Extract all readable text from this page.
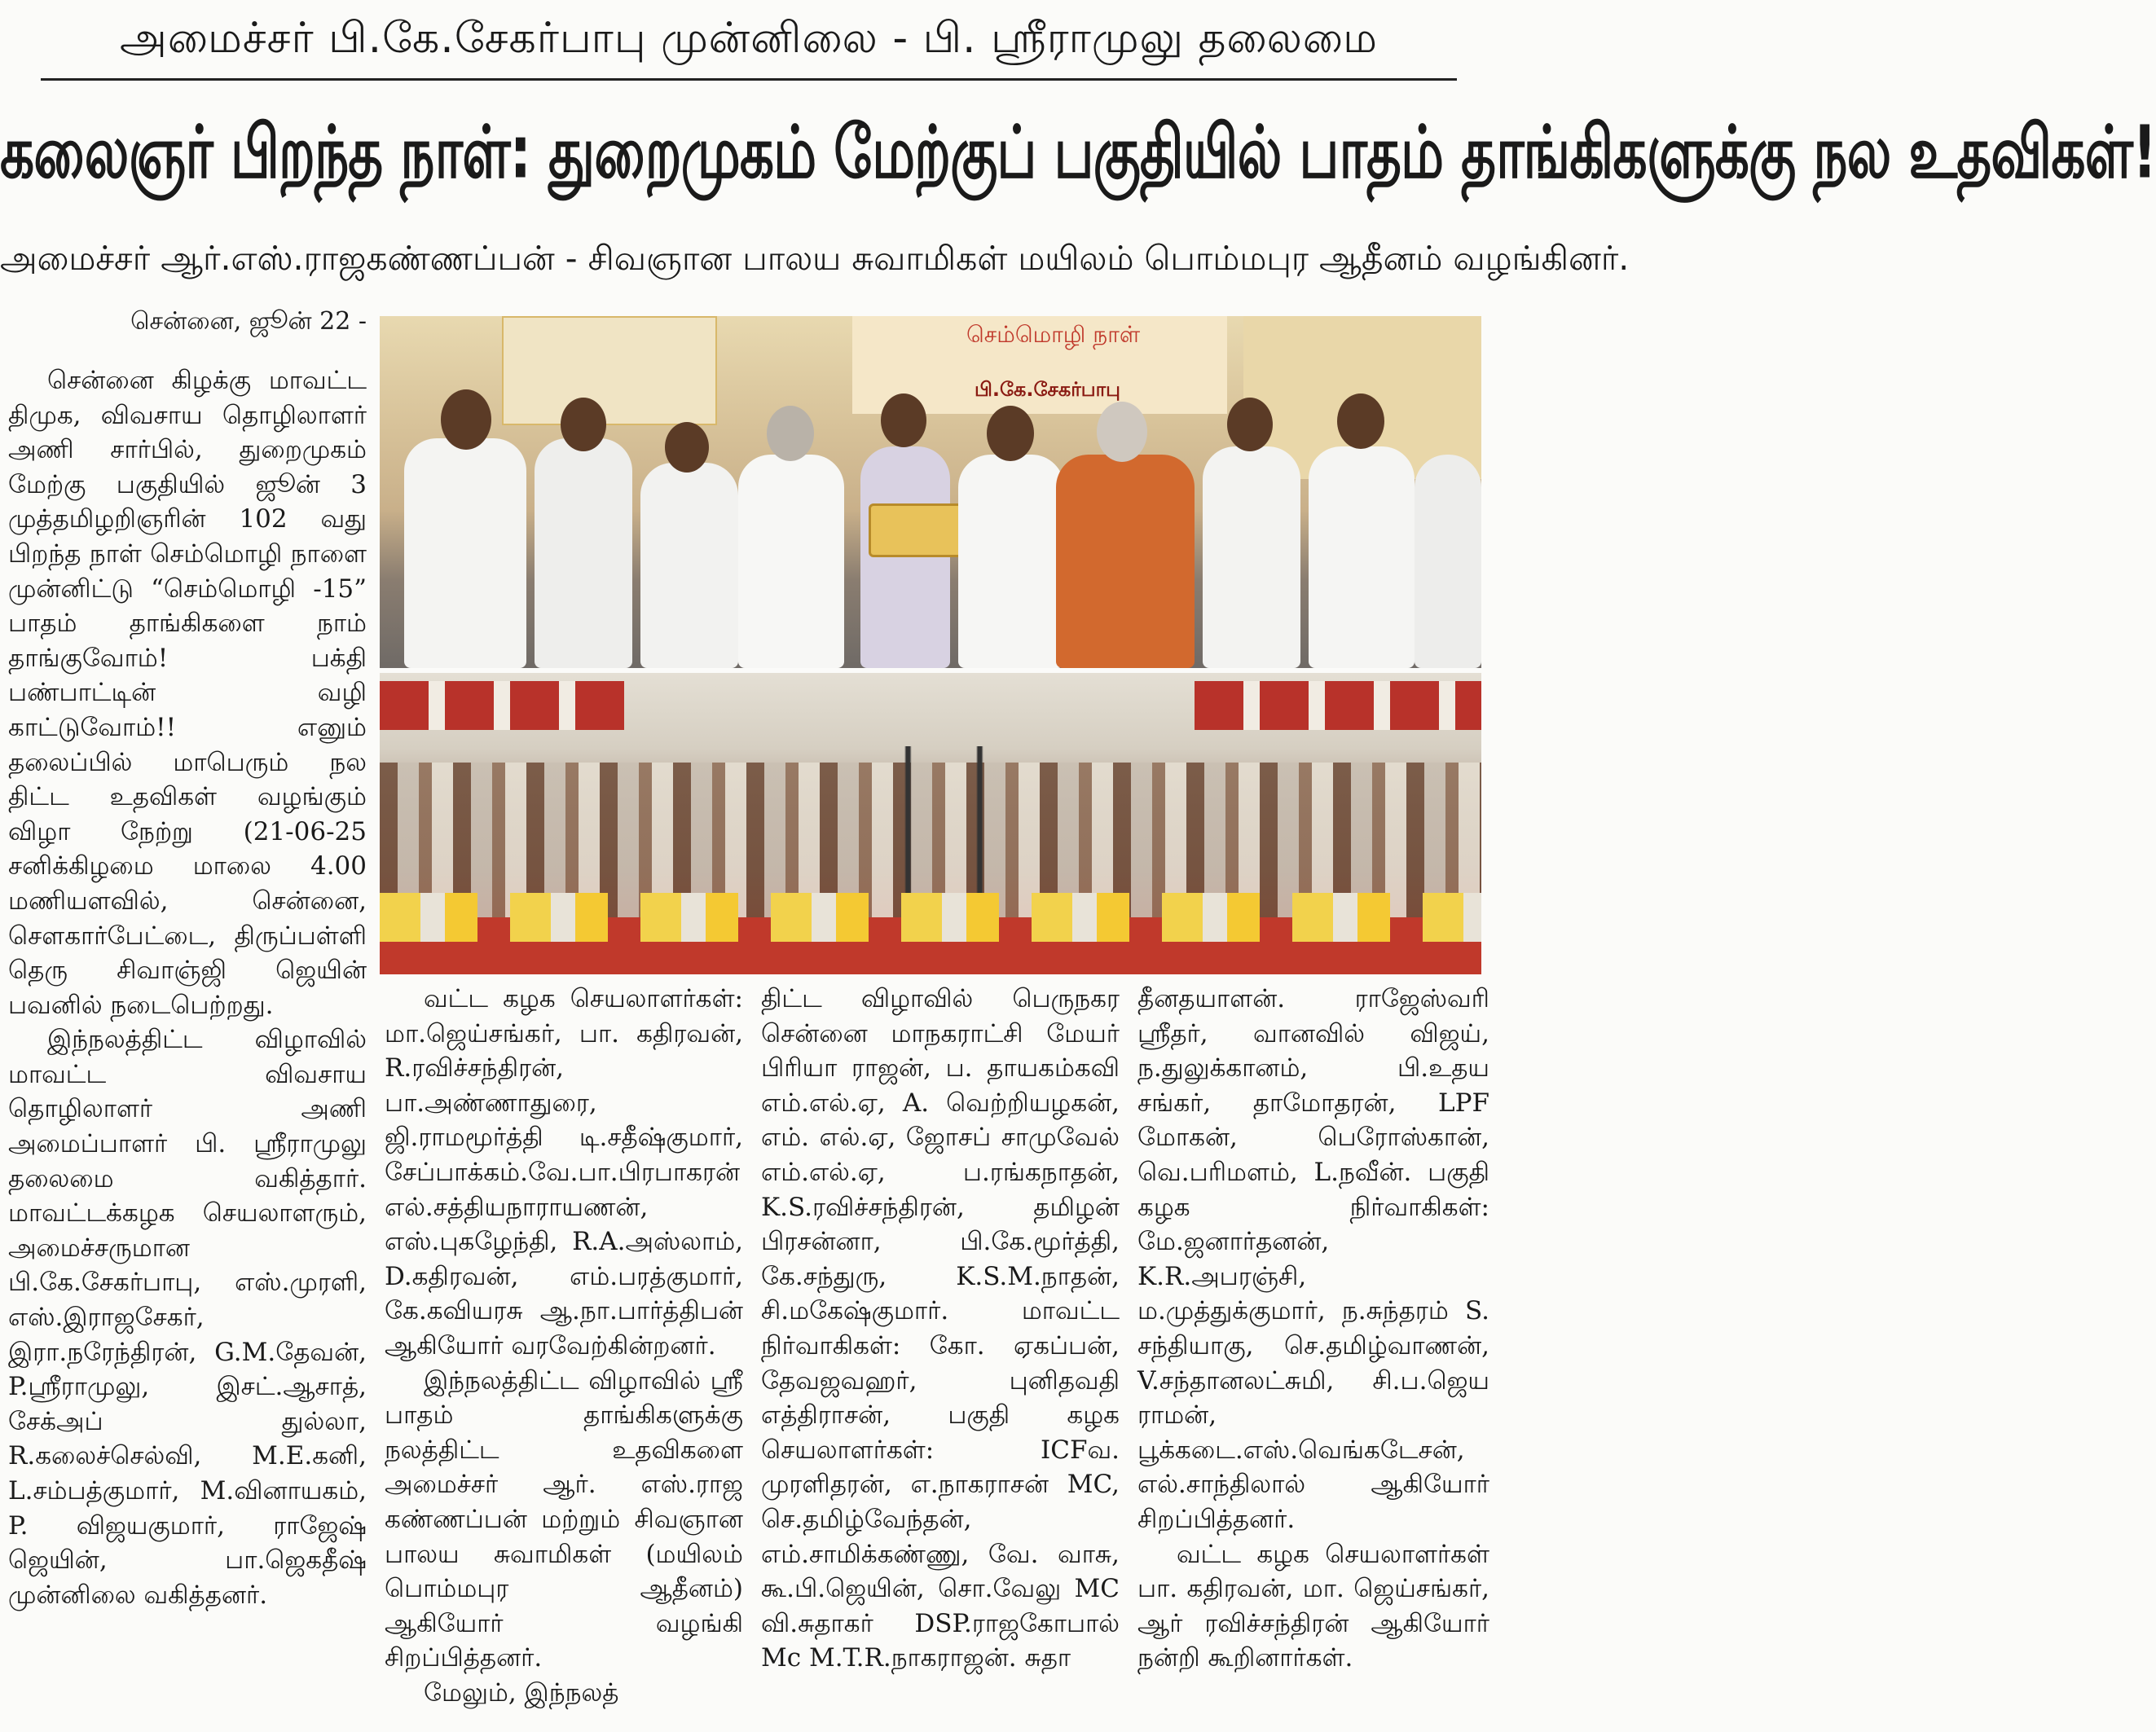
அமைச்சர் பி.கே.சேகர்பாபு முன்னிலை - பி. ஸ்ரீராமுலு தலைமை
கலைஞர் பிறந்த நாள்: துறைமுகம் மேற்குப் பகுதியில் பாதம் தாங்கிகளுக்கு நல உதவிகள்!
அமைச்சர் ஆர்.எஸ்.ராஜகண்ணப்பன் - சிவஞான பாலய சுவாமிகள் மயிலம் பொம்மபுர ஆதீனம் வழங்கினர்.
சென்னை, ஜூன் 22 -

சென்னை கிழக்கு மாவட்ட திமுக, விவசாய தொழிலாளர் அணி சார்பில், துறைமுகம் மேற்கு பகுதியில் ஜூன் 3 முத்தமிழறிஞரின் 102 வது பிறந்த நாள் செம்மொழி நாளை முன்னிட்டு “செம்மொழி -15” பாதம் தாங்கிகளை நாம் தாங்குவோம்! பக்தி பண்பாட்டின் வழி காட்டுவோம்!! எனும் தலைப்பில் மாபெரும் நல திட்ட உதவிகள் வழங்கும் விழா நேற்று (21-06-25 சனிக்கிழமை மாலை 4.00 மணியளவில், சென்னை, சௌகார்பேட்டை, திருப்பள்ளி தெரு சிவாஞ்ஜி ஜெயின் பவனில் நடைபெற்றது.

இந்நலத்திட்ட விழாவில் மாவட்ட விவசாய தொழிலாளர் அணி அமைப்பாளர் பி. ஸ்ரீராமுலு தலைமை வகித்தார். மாவட்டக்கழக செயலாளரும், அமைச்சருமான பி.கே.சேகர்பாபு, எஸ்.முரளி, எஸ்.இராஜசேகர், இரா.நரேந்திரன், G.M.தேவன், P.ஸ்ரீராமுலு, இசட்.ஆசாத், சேக்அப் துல்லா, R.கலைச்செல்வி, M.E.கனி, L.சம்பத்குமார், M.வினாயகம், P. விஜயகுமார், ராஜேஷ் ஜெயின், பா.ஜெகதீஷ் முன்னிலை வகித்தனர்.

செம்மொழி நாள்
பி.கே.சேகர்பாபு

வட்ட கழக செயலாளர்கள்: மா.ஜெய்சங்கர், பா. கதிரவன், R.ரவிச்சந்திரன், பா.அண்ணாதுரை, ஜி.ராமமூர்த்தி டி.சதீஷ்குமார், சேப்பாக்கம்.வே.பா.பிரபாகரன் எல்.சத்தியநாராயணன், எஸ்.புகழேந்தி, R.A.அஸ்லாம், D.கதிரவன், எம்.பரத்குமார், கே.கவியரசு ஆ.நா.பார்த்திபன் ஆகியோர் வரவேற்கின்றனர்.

இந்நலத்திட்ட விழாவில் ஸ்ரீ பாதம் தாங்கிகளுக்கு நலத்திட்ட உதவிகளை அமைச்சர் ஆர். எஸ்.ராஜ கண்ணப்பன் மற்றும் சிவஞான பாலய சுவாமிகள் (மயிலம் பொம்மபுர ஆதீனம்) ஆகியோர் வழங்கி சிறப்பித்தனர்.

மேலும், இந்நலத்

திட்ட விழாவில் பெருநகர சென்னை மாநகராட்சி மேயர் பிரியா ராஜன், ப. தாயகம்கவி எம்.எல்.ஏ, A. வெற்றியழகன், எம். எல்.ஏ, ஜோசப் சாமுவேல் எம்.எல்.ஏ, ப.ரங்கநாதன், K.S.ரவிச்சந்திரன், தமிழன் பிரசன்னா, பி.கே.மூர்த்தி, கே.சந்துரு, K.S.M.நாதன், சி.மகேஷ்குமார். மாவட்ட நிர்வாகிகள்: கோ. ஏகப்பன், தேவஜவஹர், புனிதவதி எத்திராசன், பகுதி கழக செயலாளர்கள்: ICFவ. முரளிதரன், எ.நாகராசன் MC, செ.தமிழ்வேந்தன், எம்.சாமிக்கண்ணு, வே. வாசு, கூ.பி.ஜெயின், சொ.வேலு MC வி.சுதாகர் DSP.ராஜகோபால் Mc M.T.R.நாகராஜன். சுதா

தீனதயாளன். ராஜேஸ்வரி ஸ்ரீதர், வானவில் விஜய், ந.துலுக்கானம், பி.உதய சங்கர், தாமோதரன், LPF மோகன், பெரோஸ்கான், வெ.பரிமளம், L.நவீன். பகுதி கழக நிர்வாகிகள்: மே.ஜனார்தனன், K.R.அபரஞ்சி, ம.முத்துக்குமார், ந.சுந்தரம் S. சந்தியாகு, செ.தமிழ்வாணன், V.சந்தானலட்சுமி, சி.ப.ஜெய ராமன், பூக்கடை.எஸ்.வெங்கடேசன், எல்.சாந்திலால் ஆகியோர் சிறப்பித்தனர்.

வட்ட கழக செயலாளர்கள் பா. கதிரவன், மா. ஜெய்சங்கர், ஆர் ரவிச்சந்திரன் ஆகியோர் நன்றி கூறினார்கள்.
